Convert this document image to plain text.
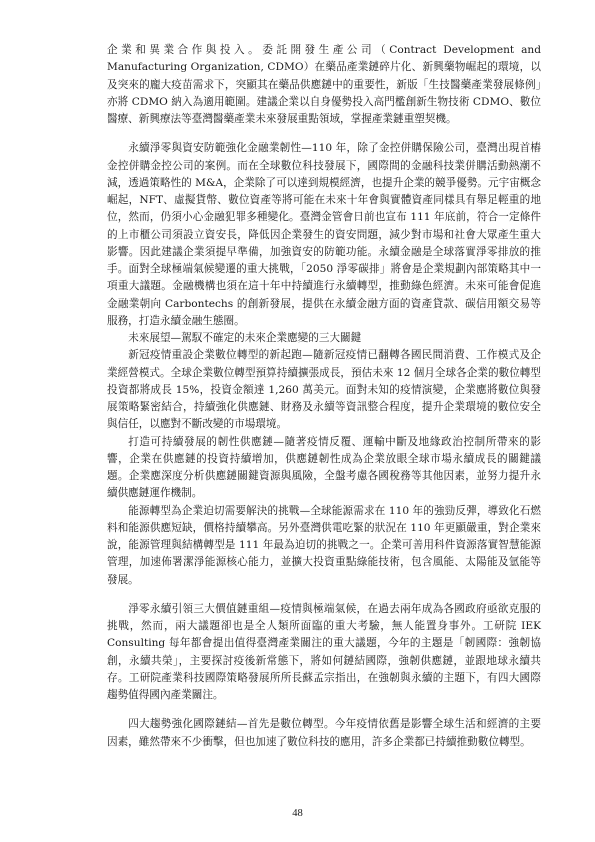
企業和異業合作與投入。委託開發生產公司（Contract Development and Manufacturing Organization, CDMO）在藥品產業鏈碎片化、新興藥物崛起的環境，以及突來的龐大疫苗需求下，突顯其在藥品供應鏈中的重要性，新版「生技醫藥產業發展條例」亦將 CDMO 納入為適用範圍。建議企業以自身優勢投入高門檻創新生物技術 CDMO、數位醫療、新興療法等臺灣醫藥產業未來發展重點領域，掌握產業鏈重塑契機。

永續淨零與資安防範強化金融業韌性—110 年，除了金控併購保險公司，臺灣出現首樁金控併購金控公司的案例。而在全球數位科技發展下，國際間的金融科技業併購活動熱潮不減，透過策略性的 M&A，企業除了可以達到規模經濟，也提升企業的競爭優勢。元宇宙概念崛起，NFT、虛擬貨幣、數位資產等將可能在未來十年會與實體資產同樣具有舉足輕重的地位，然而，仍須小心金融犯罪多種變化。臺灣金管會日前也宣布 111 年底前，符合一定條件的上市櫃公司須設立資安長，降低因企業發生的資安問題，減少對市場和社會大眾產生重大影響。因此建議企業須提早準備，加強資安的防範功能。永續金融是全球落實淨零排放的推手。面對全球極端氣候變遷的重大挑戰，「2050 淨零碳排」將會是企業規劃內部策略其中一項重大議題。金融機構也須在這十年中持續進行永續轉型，推動綠色經濟。未來可能會促進金融業朝向 Carbontechs 的創新發展，提供在永續金融方面的資產貸款、碳信用額交易等服務，打造永續金融生態圈。

未來展望—駕馭不確定的未來企業應變的三大關鍵

新冠疫情重設企業數位轉型的新起跑—隨新冠疫情已翻轉各國民間消費、工作模式及企業經營模式。全球企業數位轉型預算持續擴張成長，預估未來 12 個月全球各企業的數位轉型投資都將成長 15%，投資金額達 1,260 萬美元。面對未知的疫情演變，企業應將數位與發展策略緊密結合，持續強化供應鏈、財務及永續等資訊整合程度，提升企業環境的數位安全與信任，以應對不斷改變的市場環境。

打造可持續發展的韌性供應鏈—隨著疫情反覆、運輸中斷及地緣政治控制所帶來的影響，企業在供應鏈的投資持續增加，供應鏈韌性成為企業放眼全球市場永續成長的關鍵議題。企業應深度分析供應鏈關鍵資源與風險，全盤考慮各國稅務等其他因素，並努力提升永續供應鏈運作機制。

能源轉型為企業迫切需要解決的挑戰—全球能源需求在 110 年的強勁反彈，導致化石燃料和能源供應短缺，價格持續攀高。另外臺灣供電吃緊的狀況在 110 年更顯嚴重，對企業來說，能源管理與結構轉型是 111 年最為迫切的挑戰之一。企業可善用科件資源落實智慧能源管理，加速佈署潔淨能源核心能力，並擴大投資重點綠能技術，包含風能、太陽能及氫能等發展。

淨零永續引領三大價值鏈重組—疫情與極端氣候，在過去兩年成為各國政府亟欲克服的挑戰，然而，兩大議題卻也是全人類所面臨的重大考驗，無人能置身事外。工研院 IEK Consulting 每年都會提出值得臺灣產業關注的重大議題，今年的主題是「韌國際：強韌協創，永續共榮」，主要探討疫後新常態下，將如何鏈結國際，強韌供應鏈，並跟地球永續共存。工研院產業科技國際策略發展所所長蘇孟宗指出，在強韌與永續的主題下，有四大國際趨勢值得國內產業關注。

四大趨勢強化國際鏈結—首先是數位轉型。今年疫情依舊是影響全球生活和經濟的主要因素，雖然帶來不少衝擊，但也加速了數位科技的應用，許多企業都已持續推動數位轉型。

48
